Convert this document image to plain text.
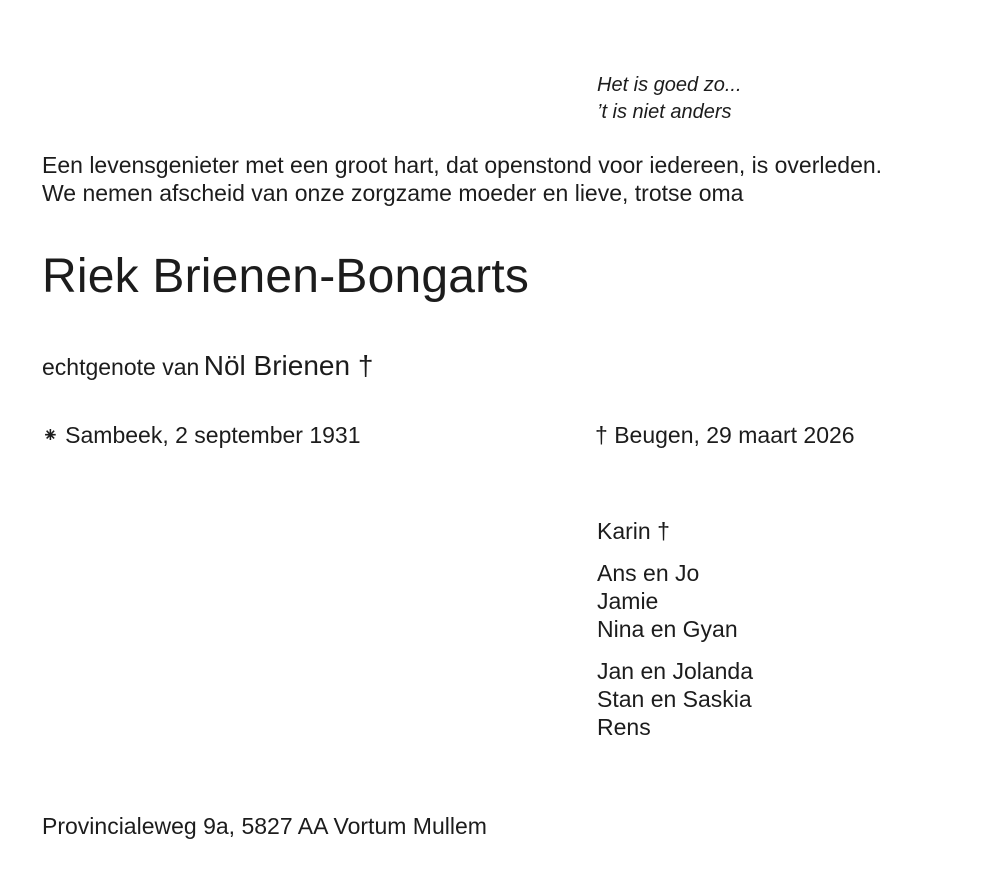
Het is goed zo...
’t is niet anders
Een levensgenieter met een groot hart, dat openstond voor iedereen, is overleden.
We nemen afscheid van onze zorgzame moeder en lieve, trotse oma
Riek Brienen-Bongarts
echtgenote van Nöl Brienen †
⁕ Sambeek, 2 september 1931	† Beugen, 29 maart 2026
Karin †
Ans en Jo
Jamie
Nina en Gyan
Jan en Jolanda
Stan en Saskia
Rens
Provincialeweg 9a, 5827 AA Vortum Mullem
